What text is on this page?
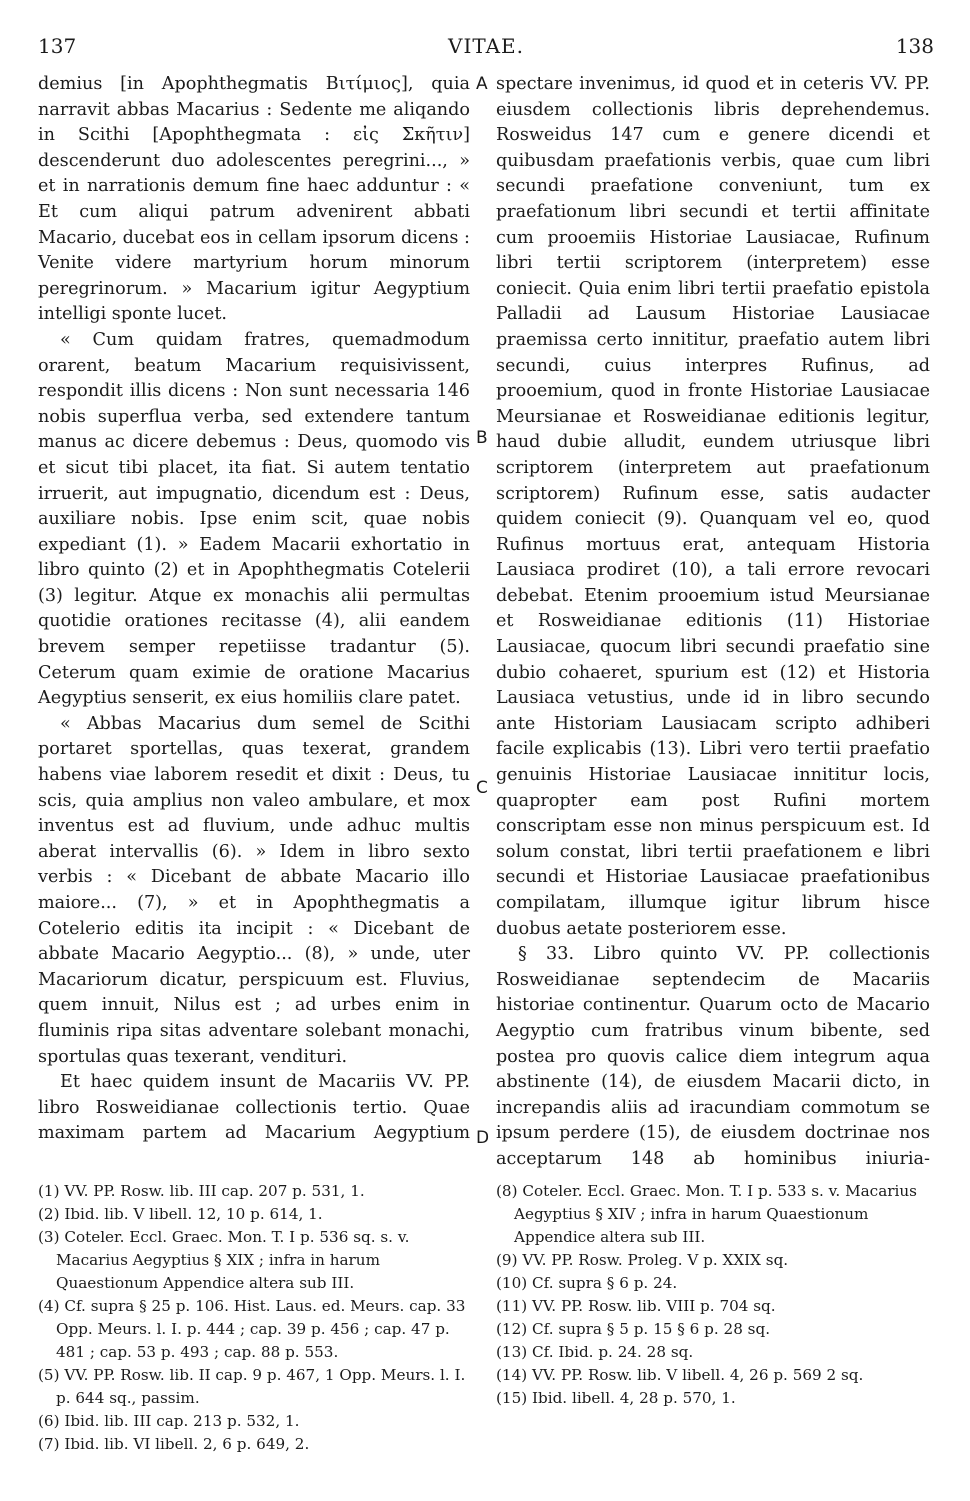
137	VITAE.	138

demius [in Apophthegmatis Βιτίμιος], quia narravit abbas Macarius : Sedente me aliqando in Scithi [Apophthegmata : εἰς Σκῆτιν] descenderunt duo adolescentes peregrini..., » et in narrationis demum fine haec adduntur : « Et cum aliqui patrum advenirent abbati Macario, ducebat eos in cellam ipsorum dicens : Venite videre martyrium horum minorum peregrinorum. » Macarium igitur Aegyptium intelligi sponte lucet.

« Cum quidam fratres, quemadmodum orarent, beatum Macarium requisivissent, respondit illis dicens : Non sunt necessaria 146 nobis superflua verba, sed extendere tantum manus ac dicere debemus : Deus, quomodo vis et sicut tibi placet, ita fiat. Si autem tentatio irruerit, aut impugnatio, dicendum est : Deus, auxiliare nobis. Ipse enim scit, quae nobis expediant (1). » Eadem Macarii exhortatio in libro quinto (2) et in Apophthegmatis Cotelerii (3) legitur. Atque ex monachis alii permultas quotidie orationes recitasse (4), alii eandem brevem semper repetiisse tradantur (5). Ceterum quam eximie de oratione Macarius Aegyptius senserit, ex eius homiliis clare patet.

« Abbas Macarius dum semel de Scithi portaret sportellas, quas texerat, grandem habens viae laborem resedit et dixit : Deus, tu scis, quia amplius non valeo ambulare, et mox inventus est ad fluvium, unde adhuc multis aberat intervallis (6). » Idem in libro sexto verbis : « Dicebant de abbate Macario illo maiore... (7), » et in Apophthegmatis a Cotelerio editis ita incipit : « Dicebant de abbate Macario Aegyptio... (8), » unde, uter Macariorum dicatur, perspicuum est. Fluvius, quem innuit, Nilus est ; ad urbes enim in fluminis ripa sitas adventare solebant monachi, sportulas quas texerant, vendituri.

Et haec quidem insunt de Macariis VV. PP. libro Rosweidianae collectionis tertio. Quae maximam partem ad Macarium Aegyptium

spectare invenimus, id quod et in ceteris VV. PP. eiusdem collectionis libris deprehendemus. Rosweidus 147 cum e genere dicendi et quibusdam praefationis verbis, quae cum libri secundi praefatione conveniunt, tum ex praefationum libri secundi et tertii affinitate cum prooemiis Historiae Lausiacae, Rufinum libri tertii scriptorem (interpretem) esse coniecit. Quia enim libri tertii praefatio epistola Palladii ad Lausum Historiae Lausiacae praemissa certo innititur, praefatio autem libri secundi, cuius interpres Rufinus, ad prooemium, quod in fronte Historiae Lausiacae Meursianae et Rosweidianae editionis legitur, haud dubie alludit, eundem utriusque libri scriptorem (interpretem aut praefationum scriptorem) Rufinum esse, satis audacter quidem coniecit (9). Quanquam vel eo, quod Rufinus mortuus erat, antequam Historia Lausiaca prodiret (10), a tali errore revocari debebat. Etenim prooemium istud Meursianae et Rosweidianae editionis (11) Historiae Lausiacae, quocum libri secundi praefatio sine dubio cohaeret, spurium est (12) et Historia Lausiaca vetustius, unde id in libro secundo ante Historiam Lausiacam scripto adhiberi facile explicabis (13). Libri vero tertii praefatio genuinis Historiae Lausiacae innititur locis, quapropter eam post Rufini mortem conscriptam esse non minus perspicuum est. Id solum constat, libri tertii praefationem e libri secundi et Historiae Lausiacae praefationibus compilatam, illumque igitur librum hisce duobus aetate posteriorem esse.

§ 33. Libro quinto VV. PP. collectionis Rosweidianae septendecim de Macariis historiae continentur. Quarum octo de Macario Aegyptio cum fratribus vinum bibente, sed postea pro quovis calice diem integrum aqua abstinente (14), de eiusdem Macarii dicto, in increpandis aliis ad iracundiam commotum se ipsum perdere (15), de eiusdem doctrinae nos acceptarum 148 ab hominibus iniuria-

A
B
C
D

(1) VV. PP. Rosw. lib. III cap. 207 p. 531, 1.

(2) Ibid. lib. V libell. 12, 10 p. 614, 1.

(3) Coteler. Eccl. Graec. Mon. T. I p. 536 sq. s. v. Macarius Aegyptius § XIX ; infra in harum Quaestionum Appendice altera sub III.

(4) Cf. supra § 25 p. 106. Hist. Laus. ed. Meurs. cap. 33 Opp. Meurs. l. I. p. 444 ; cap. 39 p. 456 ; cap. 47 p. 481 ; cap. 53 p. 493 ; cap. 88 p. 553.

(5) VV. PP. Rosw. lib. II cap. 9 p. 467, 1 Opp. Meurs. l. I. p. 644 sq., passim.

(6) Ibid. lib. III cap. 213 p. 532, 1.

(7) Ibid. lib. VI libell. 2, 6 p. 649, 2.

(8) Coteler. Eccl. Graec. Mon. T. I p. 533 s. v. Macarius Aegyptius § XIV ; infra in harum Quaestionum Appendice altera sub III.

(9) VV. PP. Rosw. Proleg. V p. XXIX sq.

(10) Cf. supra § 6 p. 24.

(11) VV. PP. Rosw. lib. VIII p. 704 sq.

(12) Cf. supra § 5 p. 15 § 6 p. 28 sq.

(13) Cf. Ibid. p. 24. 28 sq.

(14) VV. PP. Rosw. lib. V libell. 4, 26 p. 569 2 sq.

(15) Ibid. libell. 4, 28 p. 570, 1.
